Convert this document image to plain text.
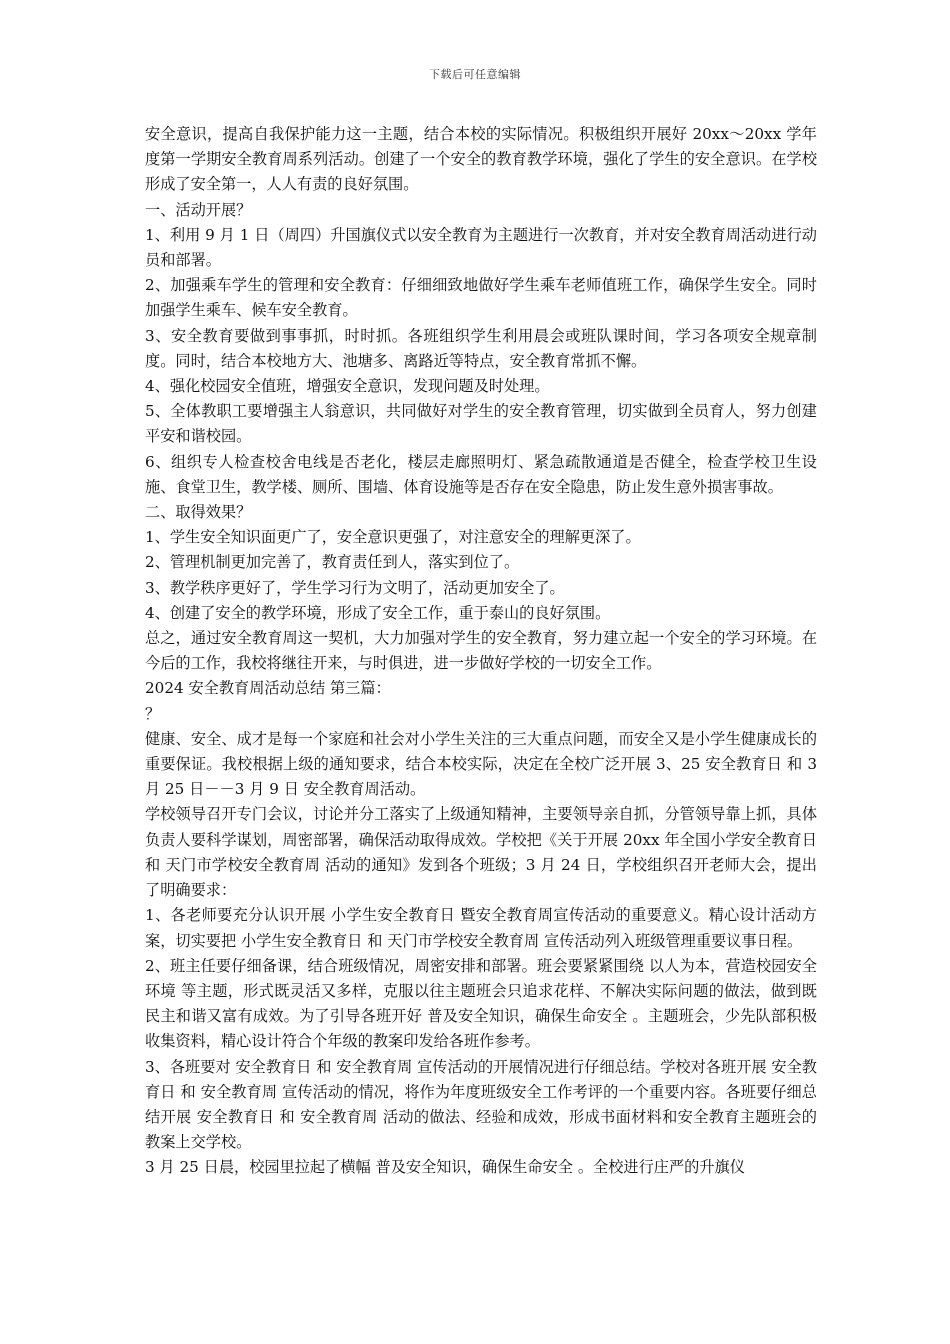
下载后可任意编辑

安全意识，提高自我保护能力这一主题，结合本校的实际情况。积极组织开展好 20xx～20xx 学年度第一学期安全教育周系列活动。创建了一个安全的教育教学环境，强化了学生的安全意识。在学校形成了安全第一，人人有责的良好氛围。

一、活动开展？

1、利用 9 月 1 日（周四）升国旗仪式以安全教育为主题进行一次教育，并对安全教育周活动进行动员和部署。

2、加强乘车学生的管理和安全教育：仔细细致地做好学生乘车老师值班工作，确保学生安全。同时加强学生乘车、候车安全教育。

3、安全教育要做到事事抓，时时抓。各班组织学生利用晨会或班队课时间，学习各项安全规章制度。同时，结合本校地方大、池塘多、离路近等特点，安全教育常抓不懈。

4、强化校园安全值班，增强安全意识，发现问题及时处理。

5、全体教职工要增强主人翁意识，共同做好对学生的安全教育管理，切实做到全员育人，努力创建平安和谐校园。

6、组织专人检查校舍电线是否老化，楼层走廊照明灯、紧急疏散通道是否健全，检查学校卫生设施、食堂卫生，教学楼、厕所、围墙、体育设施等是否存在安全隐患，防止发生意外损害事故。

二、取得效果？

1、学生安全知识面更广了，安全意识更强了，对注意安全的理解更深了。

2、管理机制更加完善了，教育责任到人，落实到位了。

3、教学秩序更好了，学生学习行为文明了，活动更加安全了。

4、创建了安全的教学环境，形成了安全工作，重于泰山的良好氛围。

总之，通过安全教育周这一契机，大力加强对学生的安全教育，努力建立起一个安全的学习环境。在今后的工作，我校将继往开来，与时俱进，进一步做好学校的一切安全工作。

2024 安全教育周活动总结 第三篇：

？

健康、安全、成才是每一个家庭和社会对小学生关注的三大重点问题，而安全又是小学生健康成长的重要保证。我校根据上级的通知要求，结合本校实际，决定在全校广泛开展 3、25 安全教育日 和 3 月 25 日－－3 月 9 日 安全教育周活动。

学校领导召开专门会议，讨论并分工落实了上级通知精神，主要领导亲自抓，分管领导靠上抓，具体负责人要科学谋划，周密部署，确保活动取得成效。学校把《关于开展 20xx 年全国小学安全教育日 和 天门市学校安全教育周 活动的通知》发到各个班级；3 月 24 日，学校组织召开老师大会，提出了明确要求：

1、各老师要充分认识开展 小学生安全教育日 暨安全教育周宣传活动的重要意义。精心设计活动方案，切实要把 小学生安全教育日 和 天门市学校安全教育周 宣传活动列入班级管理重要议事日程。

2、班主任要仔细备课，结合班级情况，周密安排和部署。班会要紧紧围绕 以人为本，营造校园安全环境 等主题，形式既灵活又多样，克服以往主题班会只追求花样、不解决实际问题的做法，做到既民主和谐又富有成效。为了引导各班开好 普及安全知识，确保生命安全 。主题班会，少先队部积极收集资料，精心设计符合个年级的教案印发给各班作参考。

3、各班要对 安全教育日 和 安全教育周 宣传活动的开展情况进行仔细总结。学校对各班开展 安全教育日 和 安全教育周 宣传活动的情况，将作为年度班级安全工作考评的一个重要内容。各班要仔细总结开展 安全教育日 和 安全教育周 活动的做法、经验和成效，形成书面材料和安全教育主题班会的教案上交学校。

3 月 25 日晨，校园里拉起了横幅 普及安全知识，确保生命安全 。全校进行庄严的升旗仪
